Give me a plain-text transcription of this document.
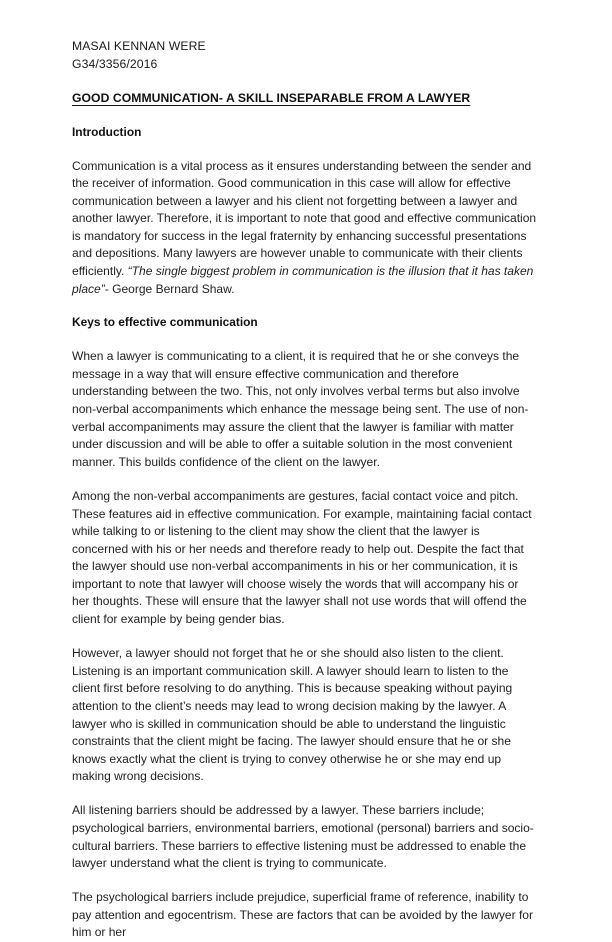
MASAI KENNAN WERE
G34/3356/2016
GOOD COMMUNICATION- A SKILL INSEPARABLE FROM A LAWYER
Introduction

Communication is a vital process as it ensures understanding between the sender and the receiver of information. Good communication in this case will allow for effective communication between a lawyer and his client not forgetting between a lawyer and another lawyer. Therefore, it is important to note that good and effective communication is mandatory for success in the legal fraternity by enhancing successful presentations and depositions. Many lawyers are however unable to communicate with their clients efficiently. “The single biggest problem in communication is the illusion that it has taken place”- George Bernard Shaw.

Keys to effective communication

When a lawyer is communicating to a client, it is required that he or she conveys the message in a way that will ensure effective communication and therefore understanding between the two. This, not only involves verbal terms but also involve non-verbal accompaniments which enhance the message being sent. The use of non-verbal accompaniments may assure the client that the lawyer is familiar with matter under discussion and will be able to offer a suitable solution in the most convenient manner. This builds confidence of the client on the lawyer.

Among the non-verbal accompaniments are gestures, facial contact voice and pitch. These features aid in effective communication. For example, maintaining facial contact while talking to or listening to the client may show the client that the lawyer is concerned with his or her needs and therefore ready to help out. Despite the fact that the lawyer should use non-verbal accompaniments in his or her communication, it is important to note that lawyer will choose wisely the words that will accompany his or her thoughts. These will ensure that the lawyer shall not use words that will offend the client for example by being gender bias.

However, a lawyer should not forget that he or she should also listen to the client. Listening is an important communication skill. A lawyer should learn to listen to the client first before resolving to do anything. This is because speaking without paying attention to the client’s needs may lead to wrong decision making by the lawyer. A lawyer who is skilled in communication should be able to understand the linguistic constraints that the client might be facing. The lawyer should ensure that he or she knows exactly what the client is trying to convey otherwise he or she may end up making wrong decisions.

All listening barriers should be addressed by a lawyer. These barriers include; psychological barriers, environmental barriers, emotional (personal) barriers and socio-cultural barriers. These barriers to effective listening must be addressed to enable the lawyer understand what the client is trying to communicate.

The psychological barriers include prejudice, superficial frame of reference, inability to pay attention and egocentrism. These are factors that can be avoided by the lawyer for him or her
